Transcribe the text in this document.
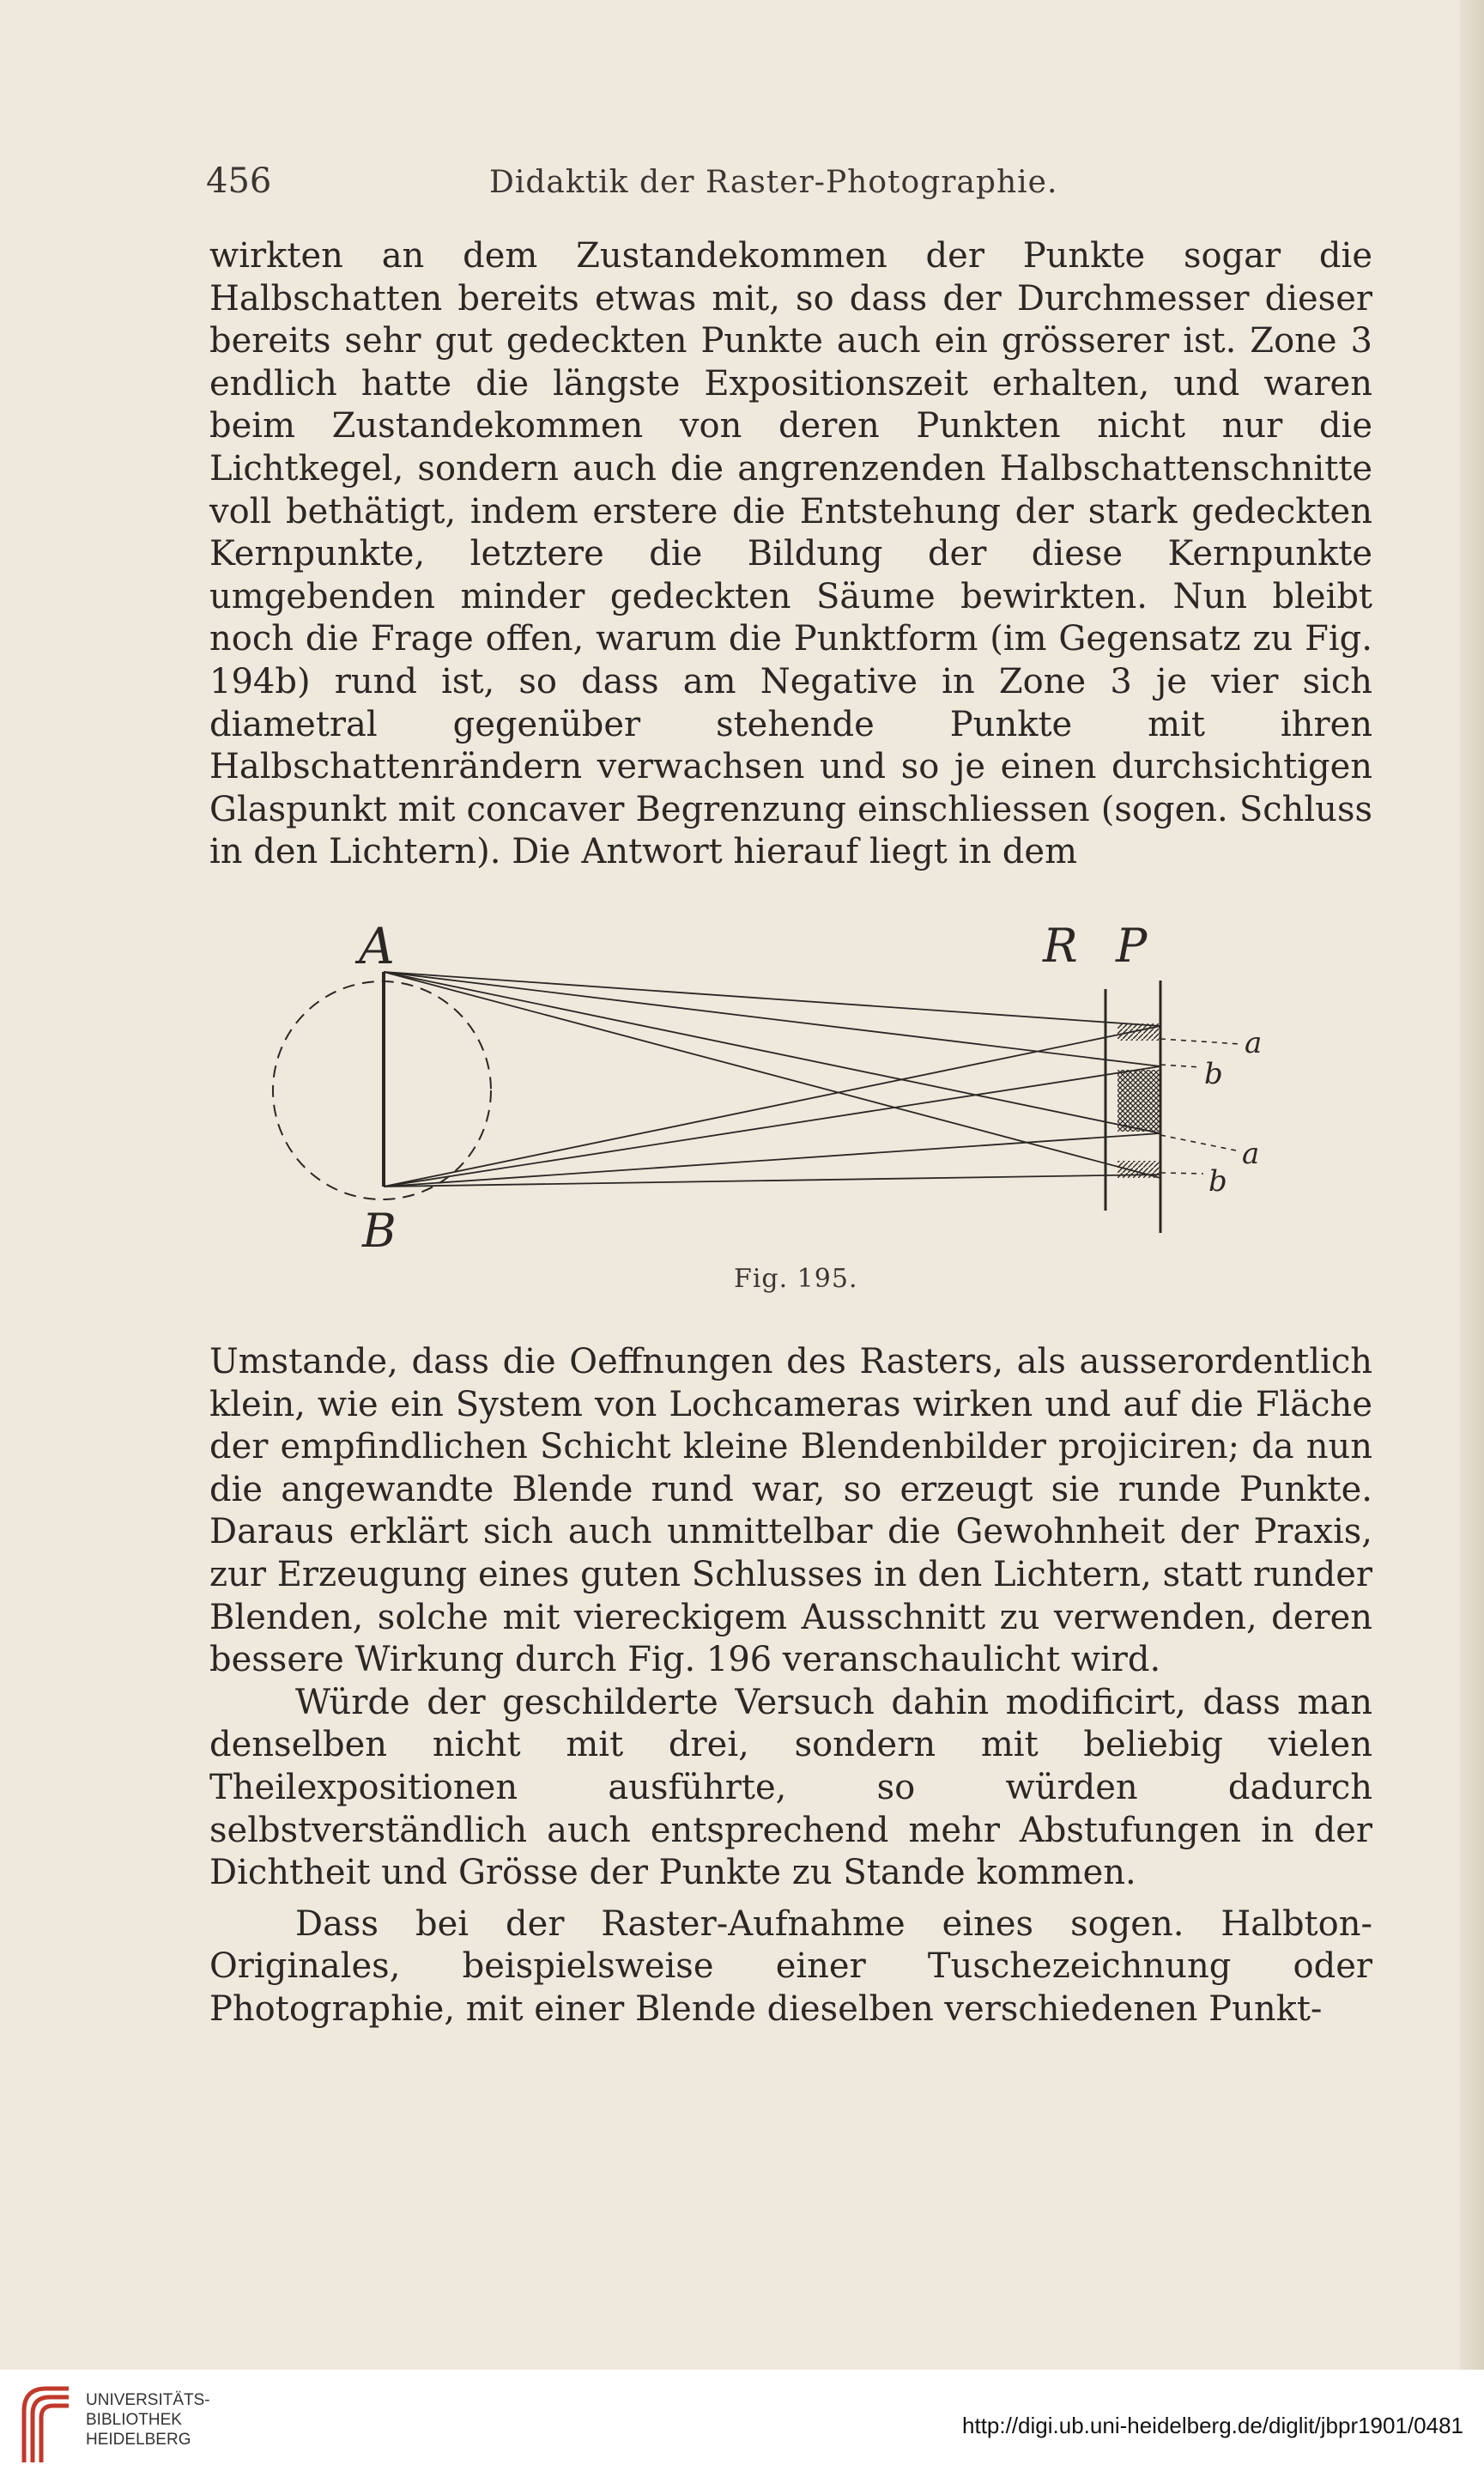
456	Didaktik der Raster-Photographie.

wirkten an dem Zustandekommen der Punkte sogar die Halbschatten bereits etwas mit, so dass der Durchmesser dieser bereits sehr gut gedeckten Punkte auch ein grösserer ist. Zone 3 endlich hatte die längste Expositionszeit erhalten, und waren beim Zustandekommen von deren Punkten nicht nur die Lichtkegel, sondern auch die angrenzenden Halbschattenschnitte voll bethätigt, indem erstere die Entstehung der stark gedeckten Kernpunkte, letztere die Bildung der diese Kernpunkte umgebenden minder gedeckten Säume bewirkten. Nun bleibt noch die Frage offen, warum die Punktform (im Gegensatz zu Fig. 194b) rund ist, so dass am Negative in Zone 3 je vier sich diametral gegenüber stehende Punkte mit ihren Halbschattenrändern verwachsen und so je einen durchsichtigen Glaspunkt mit concaver Begrenzung einschliessen (sogen. Schluss in den Lichtern). Die Antwort hierauf liegt in dem

A
B
R P
a
b
a
b
Fig. 195.

Umstande, dass die Oeffnungen des Rasters, als ausserordentlich klein, wie ein System von Lochcameras wirken und auf die Fläche der empfindlichen Schicht kleine Blendenbilder projiciren; da nun die angewandte Blende rund war, so erzeugt sie runde Punkte. Daraus erklärt sich auch unmittelbar die Gewohnheit der Praxis, zur Erzeugung eines guten Schlusses in den Lichtern, statt runder Blenden, solche mit viereckigem Ausschnitt zu verwenden, deren bessere Wirkung durch Fig. 196 veranschaulicht wird.

Würde der geschilderte Versuch dahin modificirt, dass man denselben nicht mit drei, sondern mit beliebig vielen Theilexpositionen ausführte, so würden dadurch selbstverständlich auch entsprechend mehr Abstufungen in der Dichtheit und Grösse der Punkte zu Stande kommen.

Dass bei der Raster-Aufnahme eines sogen. Halbton-Originales, beispielsweise einer Tuschezeichnung oder Photographie, mit einer Blende dieselben verschiedenen Punkt-

UNIVERSITÄTS-
BIBLIOTHEK
HEIDELBERG
http://digi.ub.uni-heidelberg.de/diglit/jbpr1901/0481
